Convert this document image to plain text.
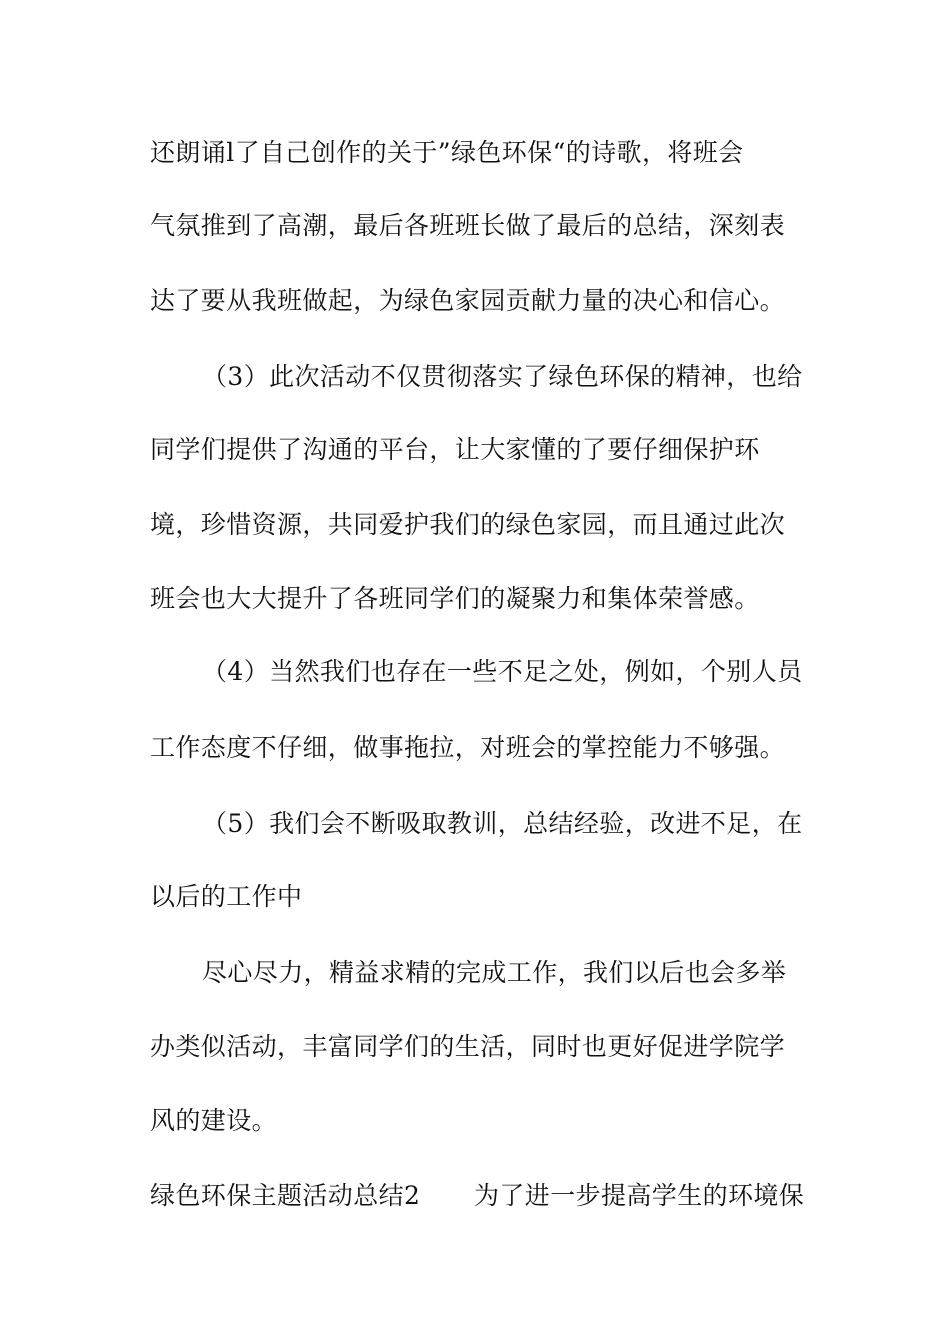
还朗诵l了自己创作的关于”绿色环保“的诗歌，将班会
气氛推到了高潮，最后各班班长做了最后的总结，深刻表
达了要从我班做起，为绿色家园贡献力量的决心和信心。
（3）此次活动不仅贯彻落实了绿色环保的精神，也给
同学们提供了沟通的平台，让大家懂的了要仔细保护环
境，珍惜资源，共同爱护我们的绿色家园，而且通过此次
班会也大大提升了各班同学们的凝聚力和集体荣誉感。
（4）当然我们也存在一些不足之处，例如，个别人员
工作态度不仔细，做事拖拉，对班会的掌控能力不够强。
（5）我们会不断吸取教训，总结经验，改进不足，在
以后的工作中
尽心尽力，精益求精的完成工作，我们以后也会多举
办类似活动，丰富同学们的生活，同时也更好促进学院学
风的建设。
绿色环保主题活动总结2 为了进一步提高学生的环境保
